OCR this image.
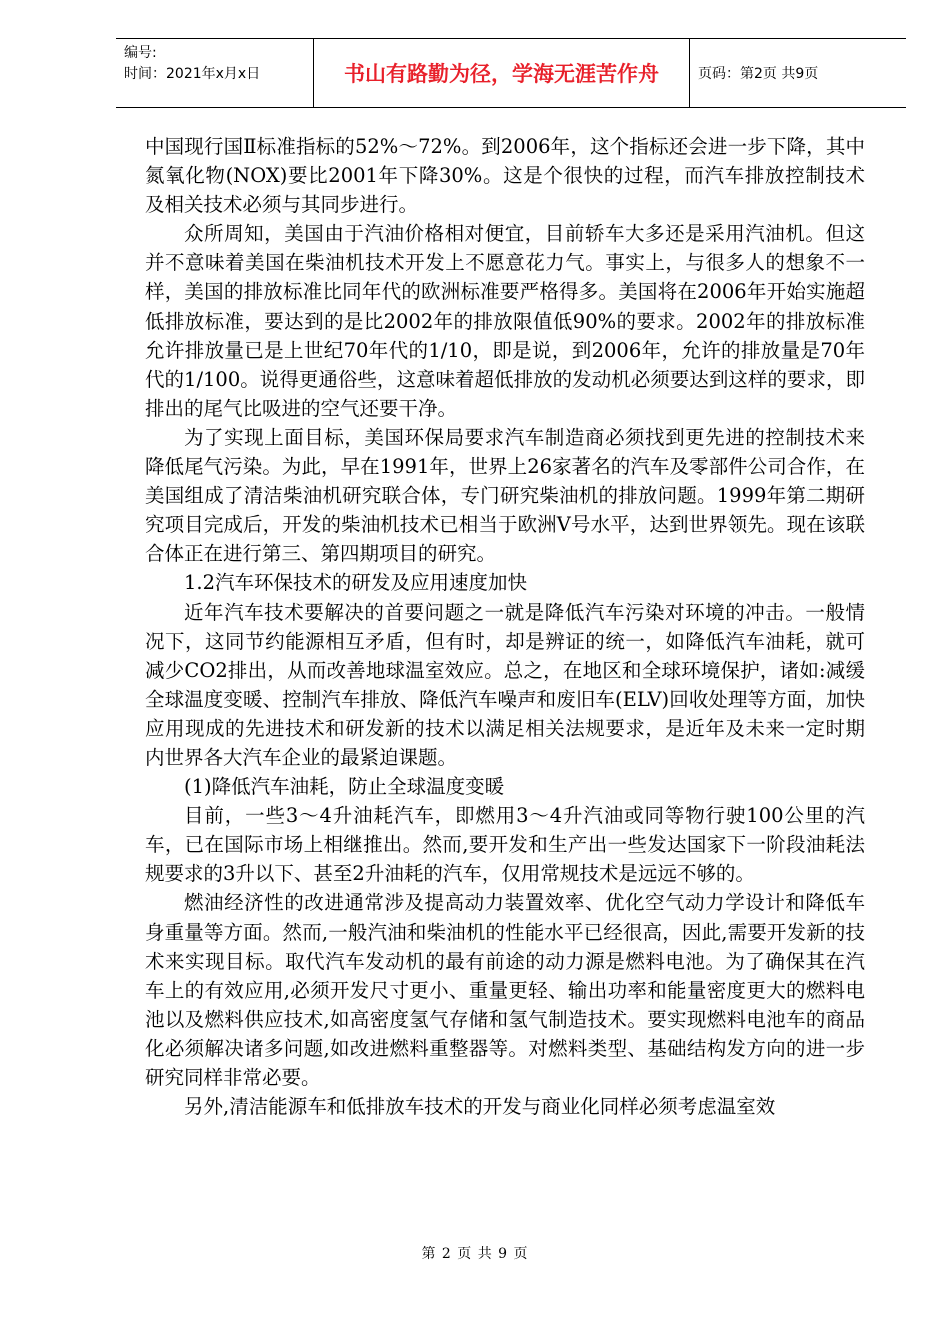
编号:
时间：2021年x月x日	书山有路勤为径，学海无涯苦作舟	页码：第2页 共9页

中国现行国Ⅱ标准指标的52%～72%。到2006年，这个指标还会进一步下降，其中氮氧化物(NOX)要比2001年下降30%。这是个很快的过程，而汽车排放控制技术及相关技术必须与其同步进行。

众所周知，美国由于汽油价格相对便宜，目前轿车大多还是采用汽油机。但这并不意味着美国在柴油机技术开发上不愿意花力气。事实上，与很多人的想象不一样，美国的排放标准比同年代的欧洲标准要严格得多。美国将在2006年开始实施超低排放标准，要达到的是比2002年的排放限值低90%的要求。2002年的排放标准允许排放量已是上世纪70年代的1/10，即是说，到2006年，允许的排放量是70年代的1/100。说得更通俗些，这意味着超低排放的发动机必须要达到这样的要求，即排出的尾气比吸进的空气还要干净。

为了实现上面目标，美国环保局要求汽车制造商必须找到更先进的控制技术来降低尾气污染。为此，早在1991年，世界上26家著名的汽车及零部件公司合作，在美国组成了清洁柴油机研究联合体，专门研究柴油机的排放问题。1999年第二期研究项目完成后，开发的柴油机技术已相当于欧洲Ⅴ号水平，达到世界领先。现在该联合体正在进行第三、第四期项目的研究。

1.2汽车环保技术的研发及应用速度加快

近年汽车技术要解决的首要问题之一就是降低汽车污染对环境的冲击。一般情况下，这同节约能源相互矛盾，但有时，却是辨证的统一，如降低汽车油耗，就可减少CO2排出，从而改善地球温室效应。总之，在地区和全球环境保护，诸如:减缓全球温度变暖、控制汽车排放、降低汽车噪声和废旧车(ELV)回收处理等方面，加快应用现成的先进技术和研发新的技术以满足相关法规要求，是近年及未来一定时期内世界各大汽车企业的最紧迫课题。

(1)降低汽车油耗，防止全球温度变暖

目前，一些3～4升油耗汽车，即燃用3～4升汽油或同等物行驶100公里的汽车，已在国际市场上相继推出。然而,要开发和生产出一些发达国家下一阶段油耗法规要求的3升以下、甚至2升油耗的汽车，仅用常规技术是远远不够的。

燃油经济性的改进通常涉及提高动力装置效率、优化空气动力学设计和降低车身重量等方面。然而,一般汽油和柴油机的性能水平已经很高，因此,需要开发新的技术来实现目标。取代汽车发动机的最有前途的动力源是燃料电池。为了确保其在汽车上的有效应用,必须开发尺寸更小、重量更轻、输出功率和能量密度更大的燃料电池以及燃料供应技术,如高密度氢气存储和氢气制造技术。要实现燃料电池车的商品化必须解决诸多问题,如改进燃料重整器等。对燃料类型、基础结构发方向的进一步研究同样非常必要。

另外,清洁能源车和低排放车技术的开发与商业化同样必须考虑温室效

第 2 页 共 9 页
